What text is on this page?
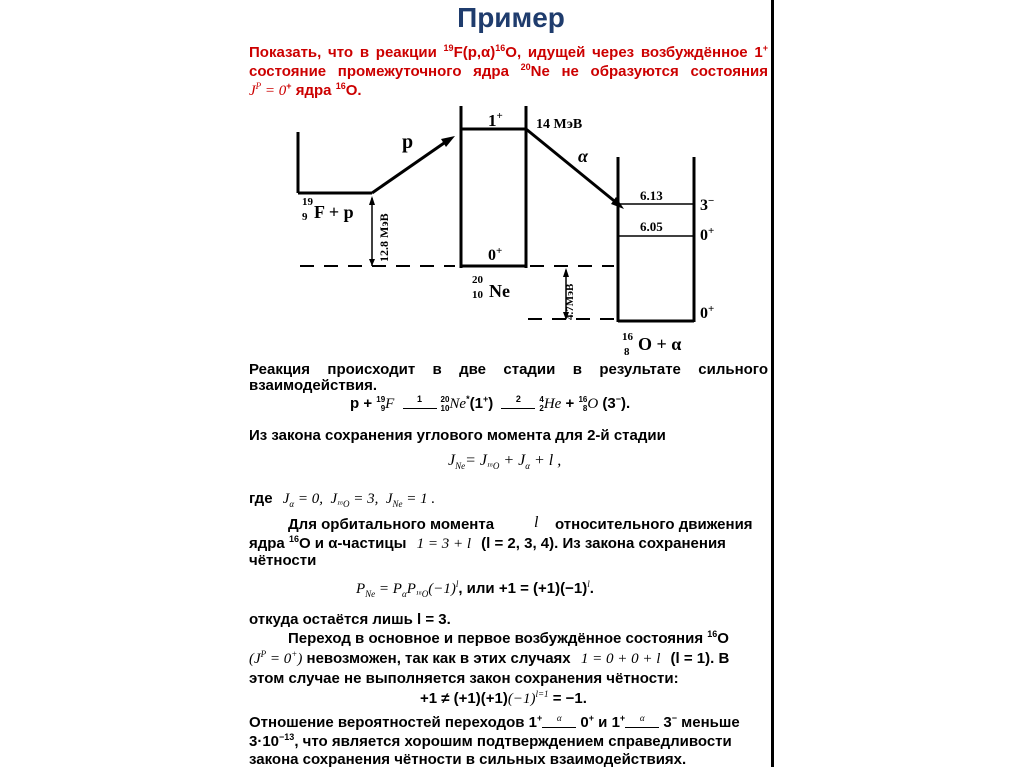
Пример
Показать, что в реакции $^{19}F(p,\alpha)^{16}O$, идущей через возбуждённое 1+
состояние промежуточного ядра $^{20}$Ne не образуются состояния
$J^P = 0^+$ ядра $^{16}$O.
19
9 F + p
p
1+
14 МэВ
α
6.13
6.05
3−
0+
0+
0+
12.8 МэВ
20
10 Ne	4.7МэВ
16
8 O + α
Реакция происходит в две стадии в результате сильного
взаимодействия.
p + 19
9F	1 20
10Ne*(1+)	2 4
2He + 16
8O (3−).
Из закона сохранения углового момента для 2-й стадии
$J_{Ne}= J_{^{16}O} + J_\alpha + l$ ,
где $J_\alpha = 0$,  $J_{^{16}O} = 3$,  $J_{Ne} = 1$ .
Для орбитального момента l относительного движения
ядра $^{16}$O и α-частицы 1 = 3 + l (l = 2, 3, 4). Из закона сохранения
чётности
$P_{Ne} = P_\alpha P_{^{16}O}(-1)^l$, или $+1 = (+1)(-1)^l$.
откуда остаётся лишь l = 3.
Переход в основное и первое возбуждённое состояния $^{16}$O
$(J^P = 0^+)$ невозможен, так как в этих случаях 1 = 0 + 0 + l (l = 1). В
этом случае не выполняется закон сохранения чётности:
$+1 \ne (+1)(+1)(-1)^{l=1} = -1$.
Отношение вероятностей переходов 1+ α 0+ и 1+ α 3− меньше
$3\cdot 10^{-13}$, что является хорошим подтверждением справедливости
закона сохранения чётности в сильных взаимодействиях.
